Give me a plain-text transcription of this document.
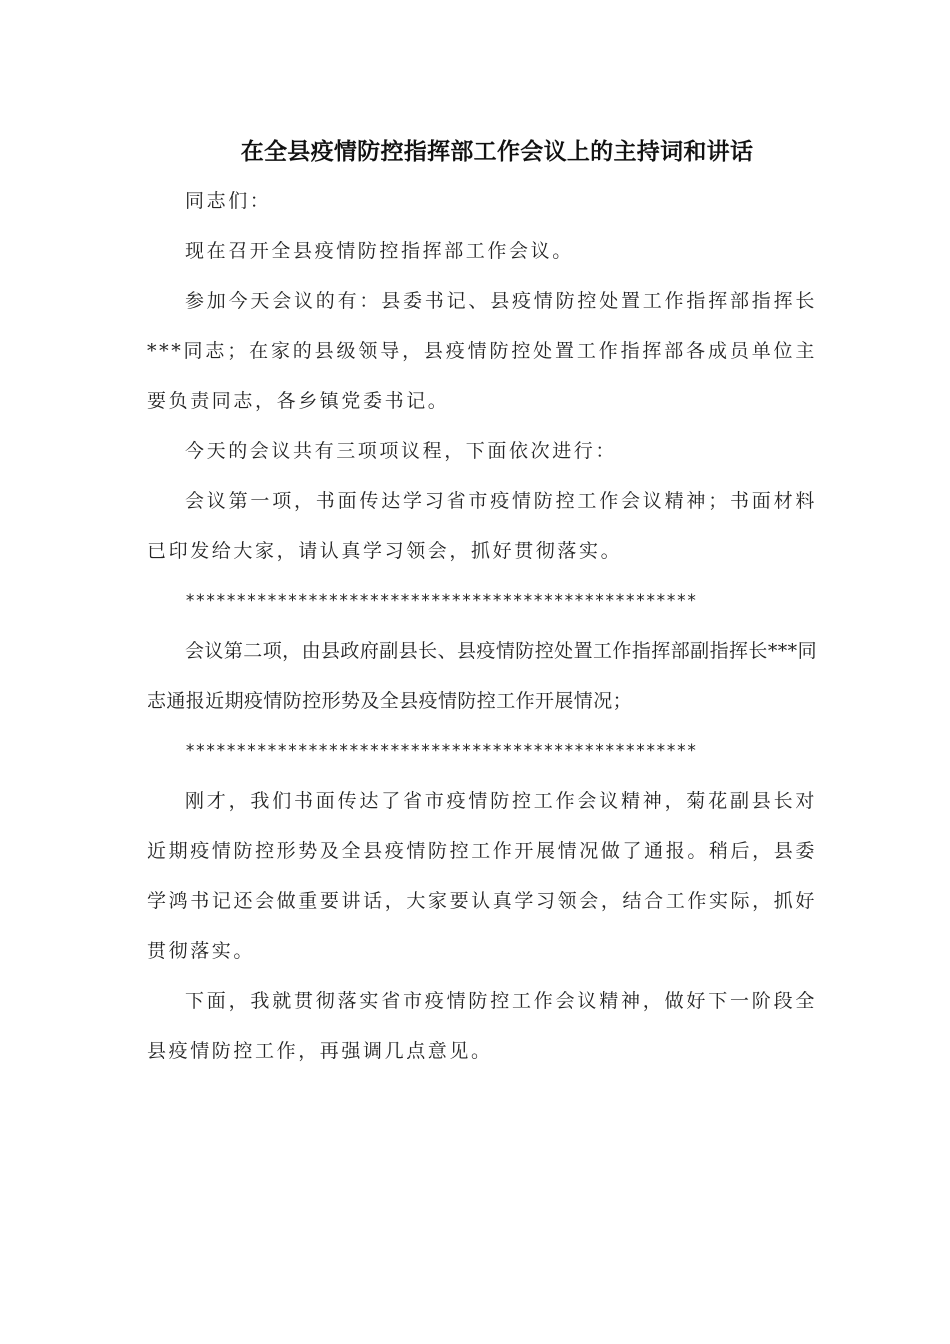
在全县疫情防控指挥部工作会议上的主持词和讲话

同志们：

现在召开全县疫情防控指挥部工作会议。

参加今天会议的有：县委书记、县疫情防控处置工作指挥部指挥长***同志；在家的县级领导，县疫情防控处置工作指挥部各成员单位主要负责同志，各乡镇党委书记。

今天的会议共有三项项议程，下面依次进行：

会议第一项，书面传达学习省市疫情防控工作会议精神；书面材料已印发给大家，请认真学习领会，抓好贯彻落实。

**************************************************

会议第二项，由县政府副县长、县疫情防控处置工作指挥部副指挥长***同志通报近期疫情防控形势及全县疫情防控工作开展情况；

**************************************************

刚才，我们书面传达了省市疫情防控工作会议精神，菊花副县长对近期疫情防控形势及全县疫情防控工作开展情况做了通报。稍后，县委学鸿书记还会做重要讲话，大家要认真学习领会，结合工作实际，抓好贯彻落实。

下面，我就贯彻落实省市疫情防控工作会议精神，做好下一阶段全县疫情防控工作，再强调几点意见。
